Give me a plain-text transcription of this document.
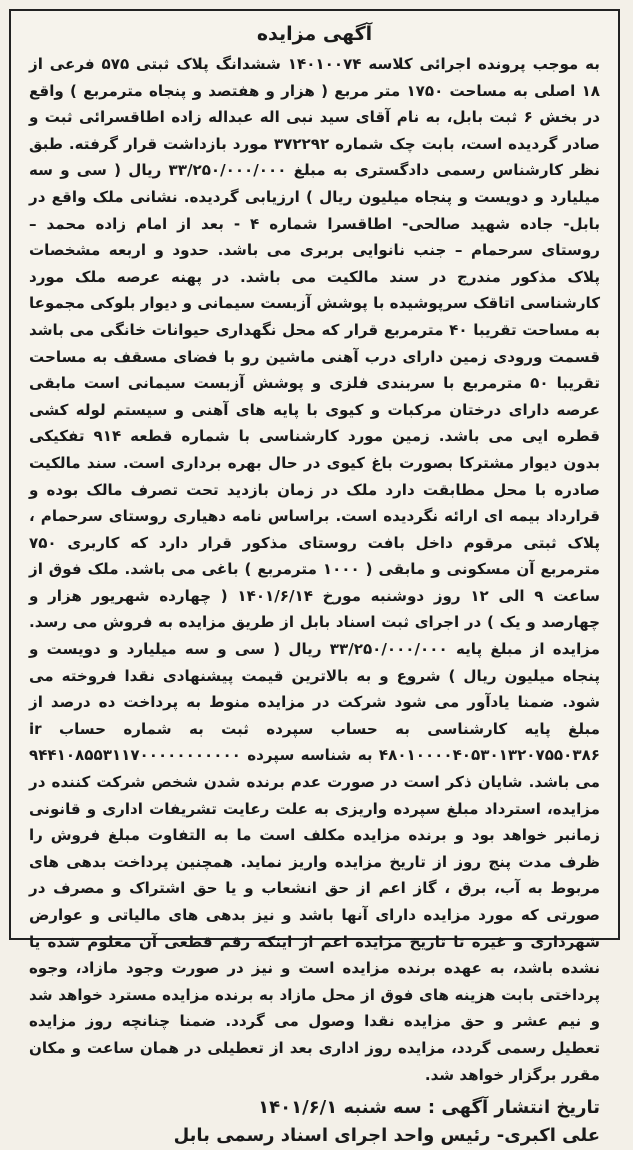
آگهی مزایده

به موجب پرونده اجرائی کلاسه ۱۴۰۱۰۰۷۴ ششدانگ پلاک ثبتی ۵۷۵ فرعی از ۱۸ اصلی به مساحت ۱۷۵۰ متر مربع ( هزار و هفتصد و پنجاه مترمربع ) واقع در بخش ۶ ثبت بابل، به نام آقای سید نبی اله عبداله زاده اطاقسرائی ثبت و صادر گردیده است، بابت چک شماره ۳۷۲۲۹۲ مورد بازداشت قرار گرفته. طبق نظر کارشناس رسمی دادگستری به مبلغ ۳۳/۲۵۰/۰۰۰/۰۰۰ ریال ( سی و سه میلیارد و دویست و پنجاه میلیون ریال ) ارزیابی گردیده. نشانی ملک واقع در بابل- جاده شهید صالحی- اطاقسرا شماره ۴ - بعد از امام زاده محمد – روستای سرحمام – جنب نانوایی بربری می باشد. حدود و اربعه مشخصات پلاک مذکور مندرج در سند مالکیت می باشد. در پهنه عرصه ملک مورد کارشناسی اتاقک سرپوشیده با پوشش آزبست سیمانی و دیوار بلوکی مجموعا به مساحت تقریبا ۴۰ مترمربع قرار که محل نگهداری حیوانات خانگی می باشد قسمت ورودی زمین دارای درب آهنی ماشین رو با فضای مسقف به مساحت تقریبا ۵۰ مترمربع با سربندی فلزی و پوشش آزبست سیمانی است مابقی عرصه دارای درختان مرکبات و کیوی با پایه های آهنی و سیستم لوله کشی قطره ایی می باشد. زمین مورد کارشناسی با شماره قطعه ۹۱۴ تفکیکی بدون دیوار مشترکا بصورت باغ کیوی در حال بهره برداری است. سند مالکیت صادره با محل مطابقت دارد ملک در زمان بازدید تحت تصرف مالک بوده و قرارداد بیمه ای ارائه نگردیده است. براساس نامه دهیاری روستای سرحمام ، پلاک ثبتی مرقوم داخل بافت روستای مذکور قرار دارد که کاربری ۷۵۰ مترمربع آن مسکونی و مابقی ( ۱۰۰۰ مترمربع ) باغی می باشد. ملک فوق از ساعت ۹ الی ۱۲ روز دوشنبه مورخ ۱۴۰۱/۶/۱۴ ( چهارده شهریور هزار و چهارصد و یک ) در اجرای ثبت اسناد بابل از طریق مزایده به فروش می رسد. مزایده از مبلغ پایه ۳۳/۲۵۰/۰۰۰/۰۰۰ ریال ( سی و سه میلیارد و دویست و پنجاه میلیون ریال ) شروع و به بالاترین قیمت پیشنهادی نقدا فروخته می شود. ضمنا یادآور می شود شرکت در مزایده منوط به پرداخت ده درصد از مبلغ پایه کارشناسی به حساب سپرده ثبت به شماره حساب ir ۴۸۰۱۰۰۰۰۴۰۵۳۰۱۳۲۰۷۵۵۰۳۸۶ به شناسه سپرده ۹۴۴۱۰۸۵۵۳۱۱۷۰۰۰۰۰۰۰۰۰۰۰ می باشد. شایان ذکر است در صورت عدم برنده شدن شخص شرکت کننده در مزایده، استرداد مبلغ سپرده واریزی به علت رعایت تشریفات اداری و قانونی زمانبر خواهد بود و برنده مزایده مکلف است ما به التفاوت مبلغ فروش را ظرف مدت پنج روز از تاریخ مزایده واریز نماید. همچنین پرداخت بدهی های مربوط به آب، برق ، گاز اعم از حق انشعاب و یا حق اشتراک و مصرف در صورتی که مورد مزایده دارای آنها باشد و نیز بدهی های مالیاتی و عوارض شهرداری و غیره تا تاریخ مزایده اعم از اینکه رقم قطعی آن معلوم شده یا نشده باشد، به عهده برنده مزایده است و نیز در صورت وجود مازاد، وجوه پرداختی بابت هزینه های فوق از محل مازاد به برنده مزایده مسترد خواهد شد و نیم عشر و حق مزایده نقدا وصول می گردد. ضمنا چنانچه روز مزایده تعطیل رسمی گردد، مزایده روز اداری بعد از تعطیلی در همان ساعت و مکان مقرر برگزار خواهد شد.

تاریخ انتشار آگهی : سه شنبه ۱۴۰۱/۶/۱
علی اکبری- رئیس واحد اجرای اسناد رسمی بابل
